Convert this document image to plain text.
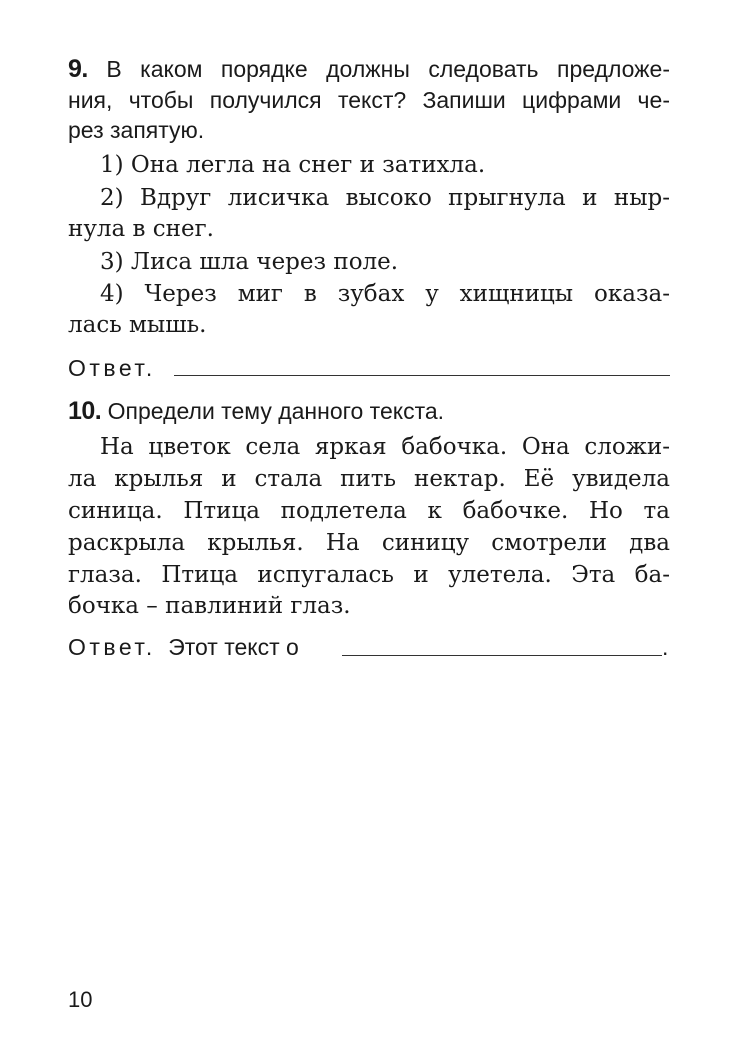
9. В каком порядке должны следовать предложе-
ния, чтобы получился текст? Запиши цифрами че-
рез запятую.
1) Она легла на снег и затихла.
2) Вдруг лисичка высоко прыгнула и ныр-
нула в снег.
3) Лиса шла через поле.
4) Через миг в зубах у хищницы оказа-
лась мышь.
Ответ.
10. Определи тему данного текста.
На цветок села яркая бабочка. Она сложи-
ла крылья и стала пить нектар. Её увидела
синица. Птица подлетела к бабочке. Но та
раскрыла крылья. На синицу смотрели два
глаза. Птица испугалась и улетела. Эта ба-
бочка – павлиний глаз.
Ответ. Этот текст о	.
10
